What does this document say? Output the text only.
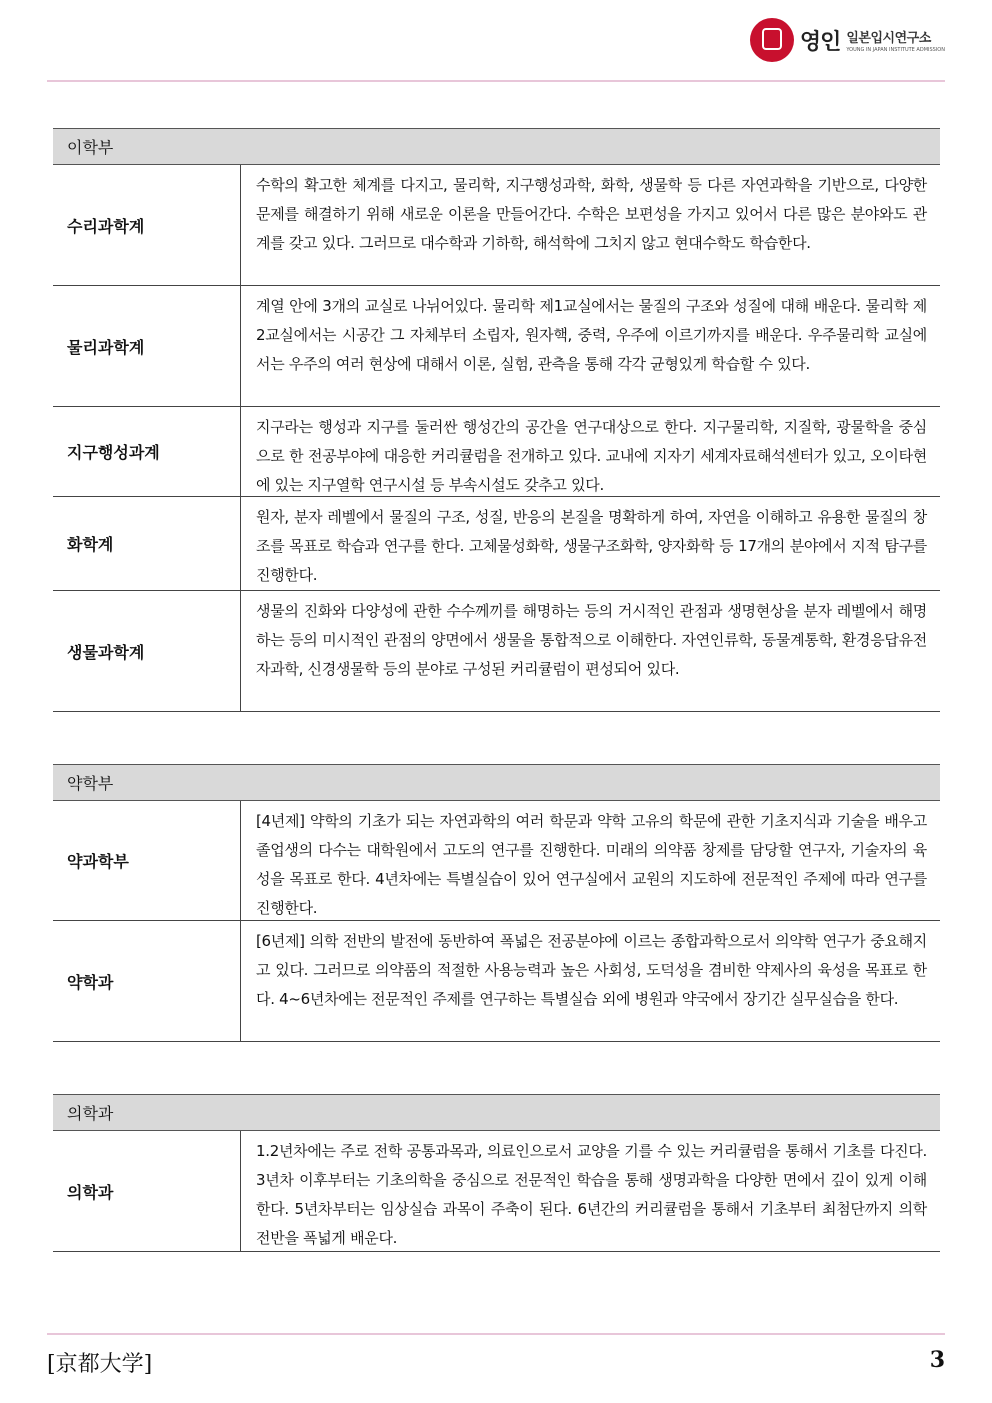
영인 일본입시연구소
YOUNG IN JAPAN INSTITUTE ADMISSION
이학부
수리과학계
수학의 확고한 체계를 다지고, 물리학, 지구행성과학, 화학, 생물학 등 다른 자연과학을 기반으로, 다양한 문제를 해결하기 위해 새로운 이론을 만들어간다. 수학은 보편성을 가지고 있어서 다른 많은 분야와도 관계를 갖고 있다. 그러므로 대수학과 기하학, 해석학에 그치지 않고 현대수학도 학습한다.
물리과학계
계열 안에 3개의 교실로 나뉘어있다. 물리학 제1교실에서는 물질의 구조와 성질에 대해 배운다. 물리학 제2교실에서는 시공간 그 자체부터 소립자, 원자핵, 중력, 우주에 이르기까지를 배운다. 우주물리학 교실에서는 우주의 여러 현상에 대해서 이론, 실험, 관측을 통해 각각 균형있게 학습할 수 있다.
지구행성과계
지구라는 행성과 지구를 둘러싼 행성간의 공간을 연구대상으로 한다. 지구물리학, 지질학, 광물학을 중심으로 한 전공부야에 대응한 커리큘럼을 전개하고 있다. 교내에 지자기 세계자료해석센터가 있고, 오이타현에 있는 지구열학 연구시설 등 부속시설도 갖추고 있다.
화학계
원자, 분자 레벨에서 물질의 구조, 성질, 반응의 본질을 명확하게 하여, 자연을 이해하고 유용한 물질의 창조를 목표로 학습과 연구를 한다. 고체물성화학, 생물구조화학, 양자화학 등 17개의 분야에서 지적 탐구를 진행한다.
생물과학계
생물의 진화와 다양성에 관한 수수께끼를 해명하는 등의 거시적인 관점과 생명현상을 분자 레벨에서 해명하는 등의 미시적인 관점의 양면에서 생물을 통합적으로 이해한다. 자연인류학, 동물계통학, 환경응답유전자과학, 신경생물학 등의 분야로 구성된 커리큘럼이 편성되어 있다.
약학부
약과학부
[4년제] 약학의 기초가 되는 자연과학의 여러 학문과 약학 고유의 학문에 관한 기초지식과 기술을 배우고 졸업생의 다수는 대학원에서 고도의 연구를 진행한다. 미래의 의약품 창제를 담당할 연구자, 기술자의 육성을 목표로 한다. 4년차에는 특별실습이 있어 연구실에서 교원의 지도하에 전문적인 주제에 따라 연구를 진행한다.
약학과
[6년제] 의학 전반의 발전에 동반하여 폭넓은 전공분야에 이르는 종합과학으로서 의약학 연구가 중요해지고 있다. 그러므로 의약품의 적절한 사용능력과 높은 사회성, 도덕성을 겸비한 약제사의 육성을 목표로 한다. 4~6년차에는 전문적인 주제를 연구하는 특별실습 외에 병원과 약국에서 장기간 실무실습을 한다.
의학과
의학과
1.2년차에는 주로 전학 공통과목과, 의료인으로서 교양을 기를 수 있는 커리큘럼을 통해서 기초를 다진다. 3년차 이후부터는 기초의학을 중심으로 전문적인 학습을 통해 생명과학을 다양한 면에서 깊이 있게 이해한다. 5년차부터는 임상실습 과목이 주축이 된다. 6년간의 커리큘럼을 통해서 기초부터 최첨단까지 의학전반을 폭넓게 배운다.
[京都大学]	3
